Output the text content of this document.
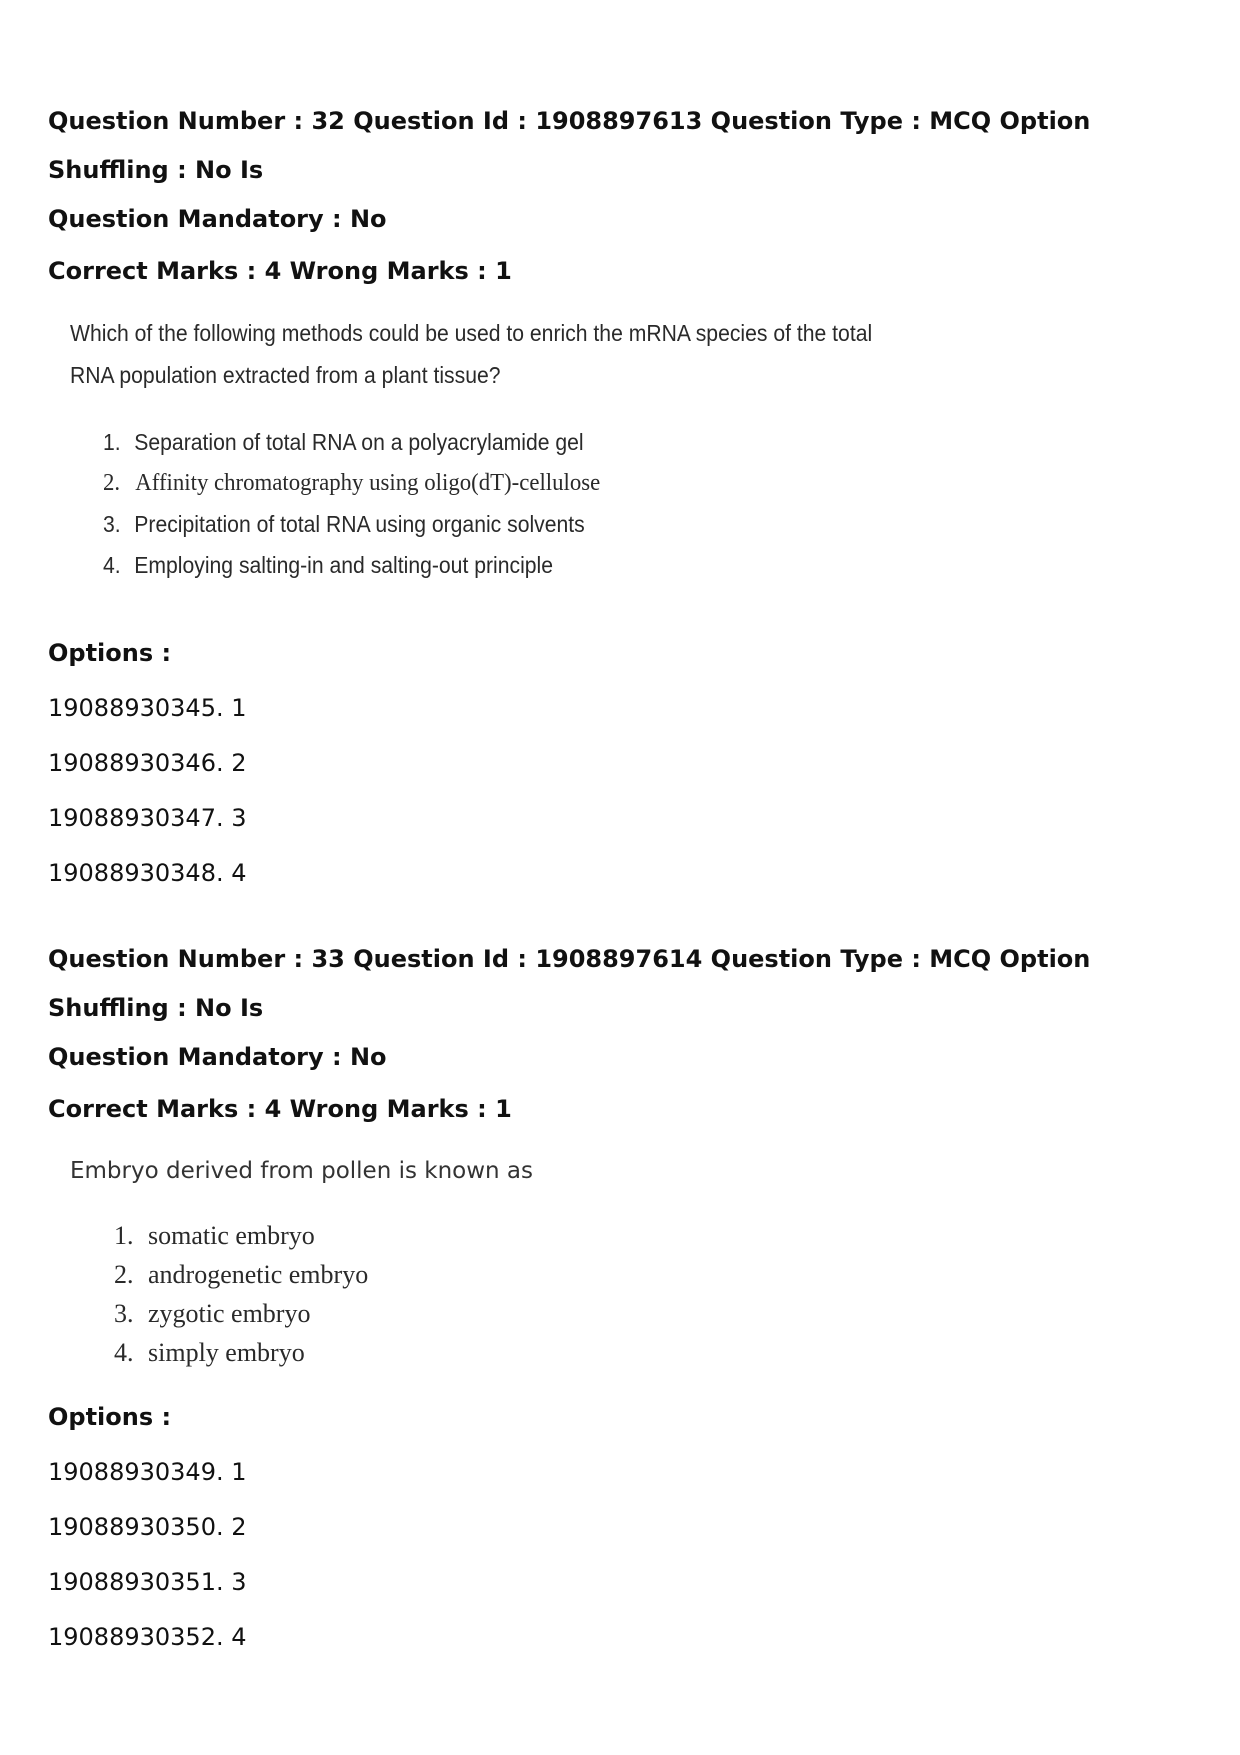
Question Number : 32 Question Id : 1908897613 Question Type : MCQ Option Shuffling : No Is

Question Mandatory : No

Correct Marks : 4 Wrong Marks : 1

Which of the following methods could be used to enrich the mRNA species of the total RNA population extracted from a plant tissue?

1. Separation of total RNA on a polyacrylamide gel
2. Affinity chromatography using oligo(dT)-cellulose
3. Precipitation of total RNA using organic solvents
4. Employing salting-in and salting-out principle

Options :

19088930345. 1

19088930346. 2

19088930347. 3

19088930348. 4

Question Number : 33 Question Id : 1908897614 Question Type : MCQ Option Shuffling : No Is

Question Mandatory : No

Correct Marks : 4 Wrong Marks : 1

Embryo derived from pollen is known as

1. somatic embryo
2. androgenetic embryo
3. zygotic embryo
4. simply embryo

Options :

19088930349. 1

19088930350. 2

19088930351. 3

19088930352. 4
